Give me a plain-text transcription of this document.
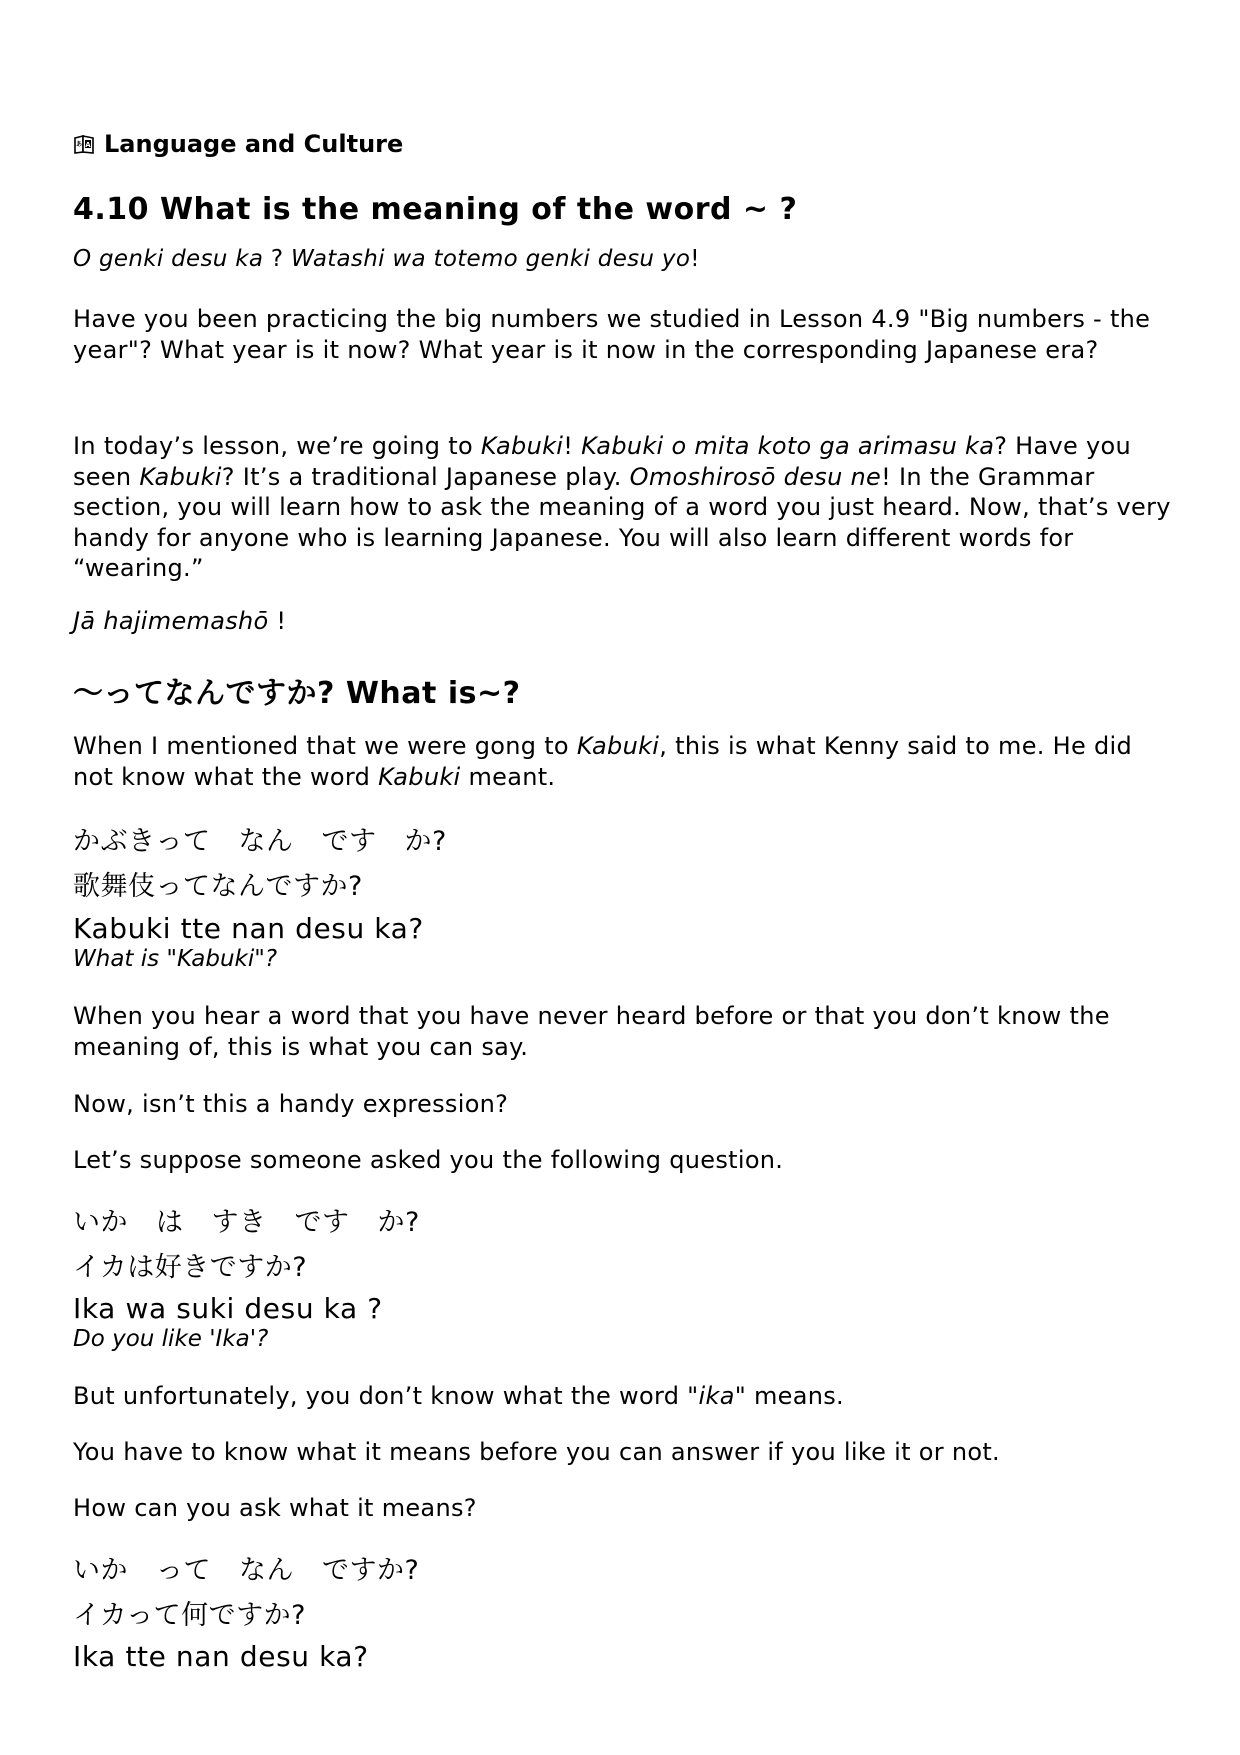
A
あ Language and Culture
4.10 What is the meaning of the word ~ ?
O genki desu ka ? Watashi wa totemo genki desu yo!
Have you been practicing the big numbers we studied in Lesson 4.9 "Big numbers - the year"? What year is it now? What year is it now in the corresponding Japanese era?
In today’s lesson, we’re going to Kabuki! Kabuki o mita koto ga arimasu ka? Have you seen Kabuki? It’s a traditional Japanese play. Omoshirosō desu ne! In the Grammar section, you will learn how to ask the meaning of a word you just heard. Now, that’s very handy for anyone who is learning Japanese. You will also learn different words for “wearing.”
Jā hajimemashō !
〜ってなんですか? What is~?
When I mentioned that we were gong to Kabuki, this is what Kenny said to me. He did not know what the word Kabuki meant.
かぶきって なん です か?
歌舞伎ってなんですか?
Kabuki tte nan desu ka?
What is "Kabuki"?
When you hear a word that you have never heard before or that you don’t know the meaning of, this is what you can say.
Now, isn’t this a handy expression?
Let’s suppose someone asked you the following question.
いか は すき です か?
イカは好きですか?
Ika wa suki desu ka ?
Do you like 'Ika'?
But unfortunately, you don’t know what the word "ika" means.
You have to know what it means before you can answer if you like it or not.
How can you ask what it means?
いか って なん ですか?
イカって何ですか?
Ika tte nan desu ka?
